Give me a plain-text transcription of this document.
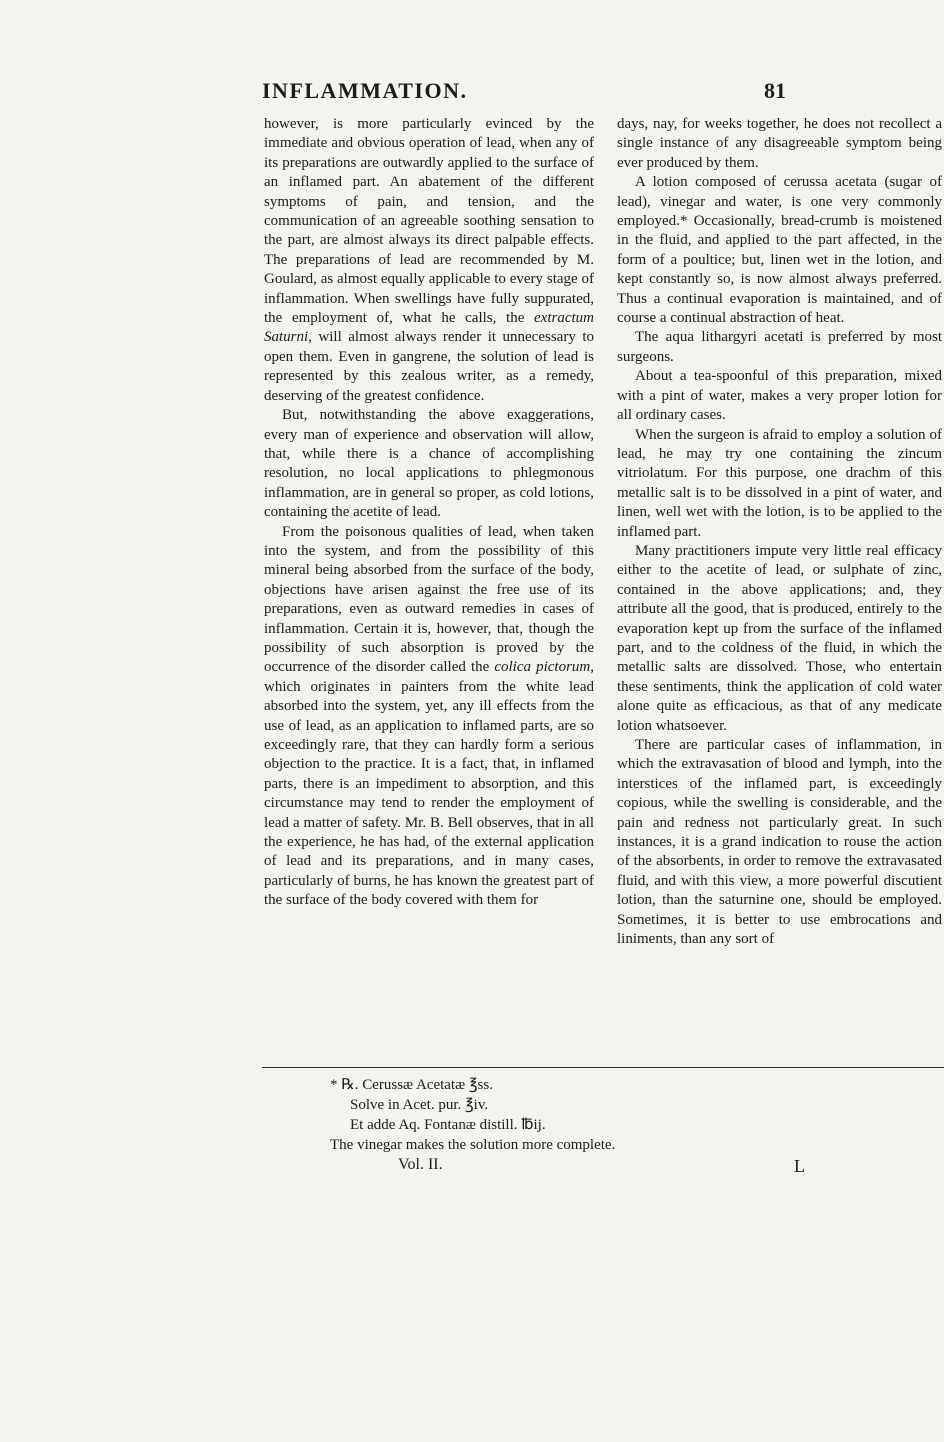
INFLAMMATION.	81

however, is more particularly evinced by the immediate and obvious operation of lead, when any of its preparations are outwardly applied to the surface of an inflamed part. An abatement of the different symptoms of pain, and tension, and the communication of an agreeable soothing sensation to the part, are almost always its direct palpable effects. The preparations of lead are recommended by M. Goulard, as almost equally applicable to every stage of inflammation. When swellings have fully suppurated, the employment of, what he calls, the extractum Saturni, will almost always render it unnecessary to open them. Even in gangrene, the solution of lead is represented by this zealous writer, as a remedy, deserving of the greatest confidence.

But, notwithstanding the above exaggerations, every man of experience and observation will allow, that, while there is a chance of accomplishing resolution, no local applications to phlegmonous inflammation, are in general so proper, as cold lotions, containing the acetite of lead.

From the poisonous qualities of lead, when taken into the system, and from the possibility of this mineral being absorbed from the surface of the body, objections have arisen against the free use of its preparations, even as outward remedies in cases of inflammation. Certain it is, however, that, though the possibility of such absorption is proved by the occurrence of the disorder called the colica pictorum, which originates in painters from the white lead absorbed into the system, yet, any ill effects from the use of lead, as an application to inflamed parts, are so exceedingly rare, that they can hardly form a serious objection to the practice. It is a fact, that, in inflamed parts, there is an impediment to absorption, and this circumstance may tend to render the employment of lead a matter of safety. Mr. B. Bell observes, that in all the experience, he has had, of the external application of lead and its preparations, and in many cases, particularly of burns, he has known the greatest part of the surface of the body covered with them for

days, nay, for weeks together, he does not recollect a single instance of any disagreeable symptom being ever produced by them.

A lotion composed of cerussa acetata (sugar of lead), vinegar and water, is one very commonly employed.* Occasionally, bread-crumb is moistened in the fluid, and applied to the part affected, in the form of a poultice; but, linen wet in the lotion, and kept constantly so, is now almost always preferred. Thus a continual evaporation is maintained, and of course a continual abstraction of heat.

The aqua lithargyri acetati is preferred by most surgeons.

About a tea-spoonful of this preparation, mixed with a pint of water, makes a very proper lotion for all ordinary cases.

When the surgeon is afraid to employ a solution of lead, he may try one containing the zincum vitriolatum. For this purpose, one drachm of this metallic salt is to be dissolved in a pint of water, and linen, well wet with the lotion, is to be applied to the inflamed part.

Many practitioners impute very little real efficacy either to the acetite of lead, or sulphate of zinc, contained in the above applications; and, they attribute all the good, that is produced, entirely to the evaporation kept up from the surface of the inflamed part, and to the coldness of the fluid, in which the metallic salts are dissolved. Those, who entertain these sentiments, think the application of cold water alone quite as efficacious, as that of any medicate lotion whatsoever.

There are particular cases of inflammation, in which the extravasation of blood and lymph, into the interstices of the inflamed part, is exceedingly copious, while the swelling is considerable, and the pain and redness not particularly great. In such instances, it is a grand indication to rouse the action of the absorbents, in order to remove the extravasated fluid, and with this view, a more powerful discutient lotion, than the saturnine one, should be employed. Sometimes, it is better to use embrocations and liniments, than any sort of

* ℞. Cerussæ Acetatæ ℥ss.
Solve in Acet. pur. ℥iv.
Et adde Aq. Fontanæ distill. ℔ij.
The vinegar makes the solution more complete.
Vol. II.	L
